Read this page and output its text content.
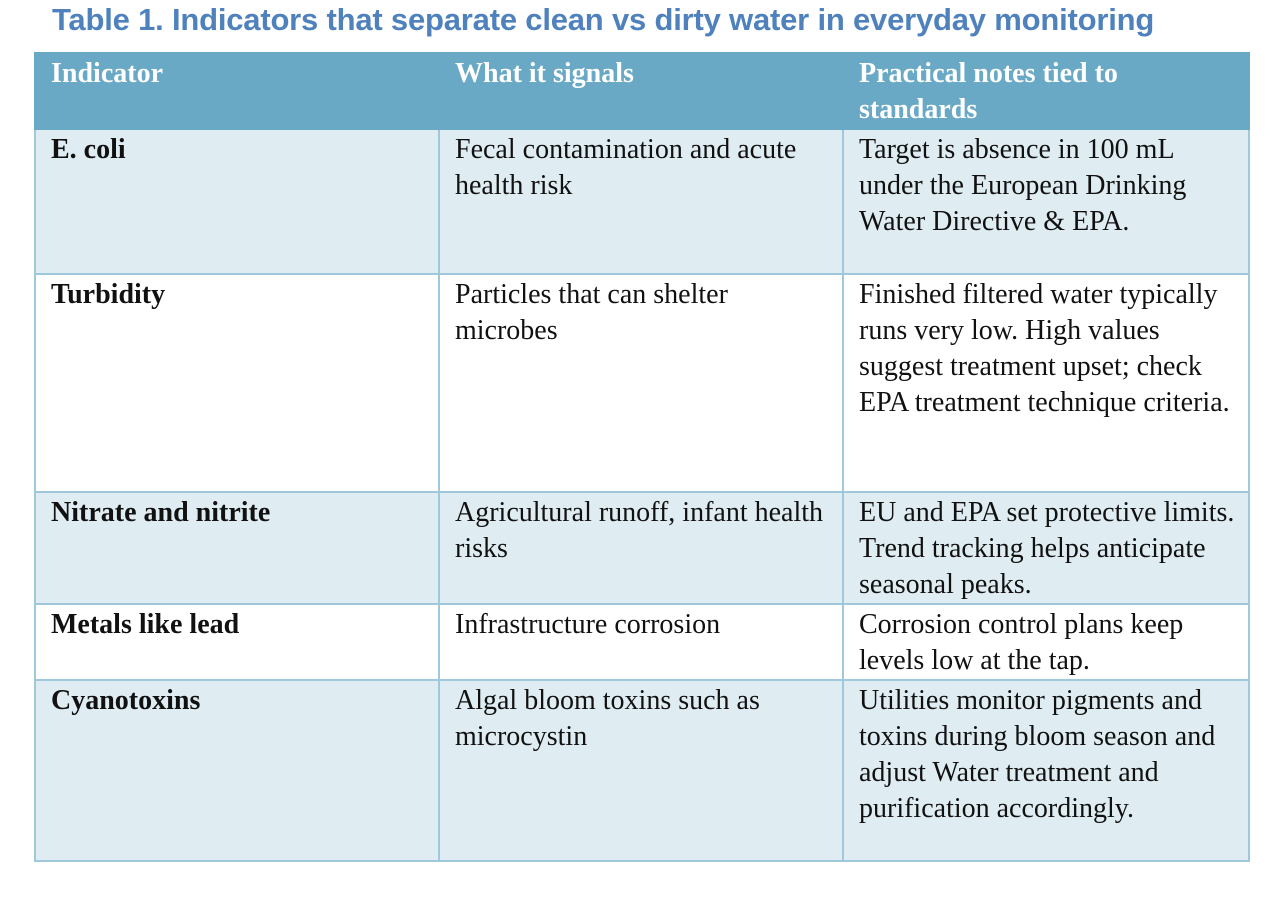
Table 1. Indicators that separate clean vs dirty water in everyday monitoring
Indicator	What it signals	Practical notes tied to standards
E. coli	Fecal contamination and acute health risk	Target is absence in 100 mL under the European Drinking Water Directive & EPA.
Turbidity	Particles that can shelter microbes	Finished filtered water typically runs very low. High values suggest treatment upset; check EPA treatment technique criteria.
Nitrate and nitrite	Agricultural runoff, infant health risks	EU and EPA set protective limits. Trend tracking helps anticipate seasonal peaks.
Metals like lead	Infrastructure corrosion	Corrosion control plans keep levels low at the tap.
Cyanotoxins	Algal bloom toxins such as microcystin	Utilities monitor pigments and toxins during bloom season and adjust Water treatment and purification accordingly.
